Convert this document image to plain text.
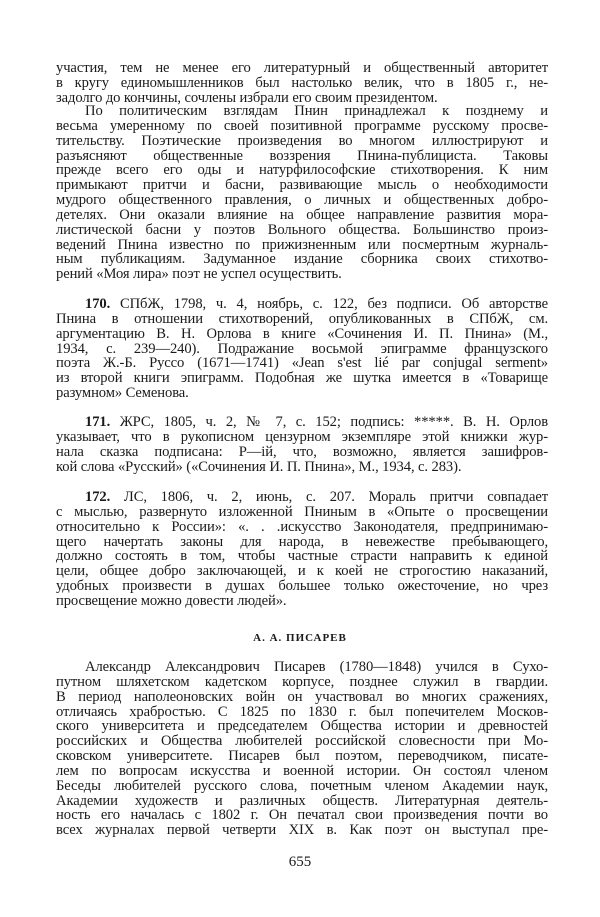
участия, тем не менее его литературный и общественный авторитет
в кругу единомышленников был настолько велик, что в 1805 г., не-
задолго до кончины, сочлены избрали его своим президентом.
По политическим взглядам Пнин принадлежал к позднему и
весьма умеренному по своей позитивной программе русскому просве-
тительству. Поэтические произведения во многом иллюстрируют и
разъясняют общественные воззрения Пнина-публициста. Таковы
прежде всего его оды и натурфилософские стихотворения. К ним
примыкают притчи и басни, развивающие мысль о необходимости
мудрого общественного правления, о личных и общественных добро-
детелях. Они оказали влияние на общее направление развития мора-
листической басни у поэтов Вольного общества. Большинство произ-
ведений Пнина известно по прижизненным или посмертным журналь-
ным публикациям. Задуманное издание сборника своих стихотво-
рений «Моя лира» поэт не успел осуществить.
170. СПбЖ, 1798, ч. 4, ноябрь, с. 122, без подписи. Об авторстве
Пнина в отношении стихотворений, опубликованных в СПбЖ, см.
аргументацию В. Н. Орлова в книге «Сочинения И. П. Пнина» (М.,
1934, с. 239—240). Подражание восьмой эпиграмме французского
поэта Ж.-Б. Руссо (1671—1741) «Jean s'est lié par conjugal serment»
из второй книги эпиграмм. Подобная же шутка имеется в «Товарище
разумном» Семенова.
171. ЖРС, 1805, ч. 2, № 7, с. 152; подпись: *****. В. Н. Орлов
указывает, что в рукописном цензурном экземпляре этой книжки жур-
нала сказка подписана: Р—ій, что, возможно, является зашифров-
кой слова «Русский» («Сочинения И. П. Пнина», М., 1934, с. 283).
172. ЛС, 1806, ч. 2, июнь, с. 207. Мораль притчи совпадает
с мыслью, развернуто изложенной Пниным в «Опыте о просвещении
относительно к России»: «. . .искусство Законодателя, предпринимаю-
щего начертать законы для народа, в невежестве пребывающего,
должно состоять в том, чтобы частные страсти направить к единой
цели, общее добро заключающей, и к коей не строгостию наказаний,
удобных произвести в душах большее только ожесточение, но чрез
просвещение можно довести людей».
Александр Александрович Писарев (1780—1848) учился в Сухо-
путном шляхетском кадетском корпусе, позднее служил в гвардии.
В период наполеоновских войн он участвовал во многих сражениях,
отличаясь храбростью. С 1825 по 1830 г. был попечителем Москов-
ского университета и председателем Общества истории и древностей
российских и Общества любителей российской словесности при Мо-
сковском университете. Писарев был поэтом, переводчиком, писате-
лем по вопросам искусства и военной истории. Он состоял членом
Беседы любителей русского слова, почетным членом Академии наук,
Академии художеств и различных обществ. Литературная деятель-
ность его началась с 1802 г. Он печатал свои произведения почти во
всех журналах первой четверти XIX в. Как поэт он выступал пре-
А. А. ПИСАРЕВ
655
